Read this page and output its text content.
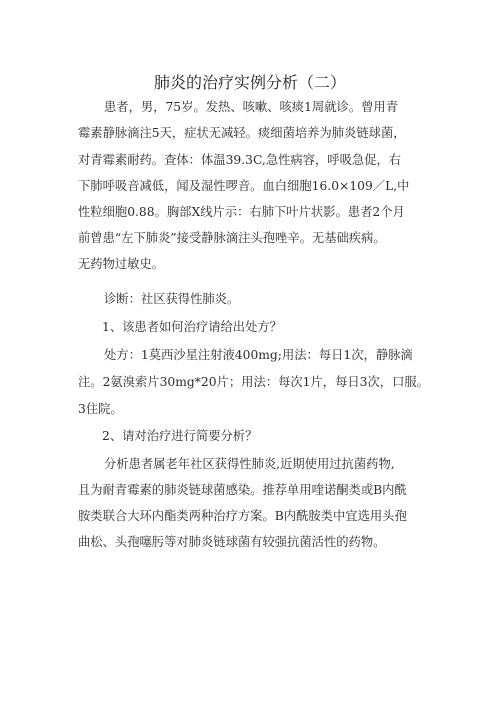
肺炎的治疗实例分析（二）
患者，男，75岁。发热、咳嗽、咳痰1周就诊。曾用青
霉素静脉滴注5天，症状无减轻。痰细菌培养为肺炎链球菌，
对青霉素耐药。查体：体温39.3C,急性病容，呼吸急促，右
下肺呼吸音减低，闻及湿性啰音。血白细胞16.0×109／L,中
性粒细胞0.88。胸部X线片示：右肺下叶片状影。患者2个月
前曾患“左下肺炎”接受静脉滴注头孢唑辛。无基础疾病。
无药物过敏史。
诊断：社区获得性肺炎。
1、该患者如何治疗请给出处方？
处方：1莫西沙星注射液400mg;用法：每日1次，静脉滴
注。2氨溴索片30mg*20片；用法：每次1片，每日3次，口服。
3住院。
2、请对治疗进行简要分析？
分析患者属老年社区获得性肺炎,近期使用过抗菌药物,
且为耐青霉素的肺炎链球菌感染。推荐单用喹诺酮类或B内酰
胺类联合大环内酯类两种治疗方案。B内酰胺类中宜选用头孢
曲松、头孢噻肟等对肺炎链球菌有较强抗菌活性的药物。
